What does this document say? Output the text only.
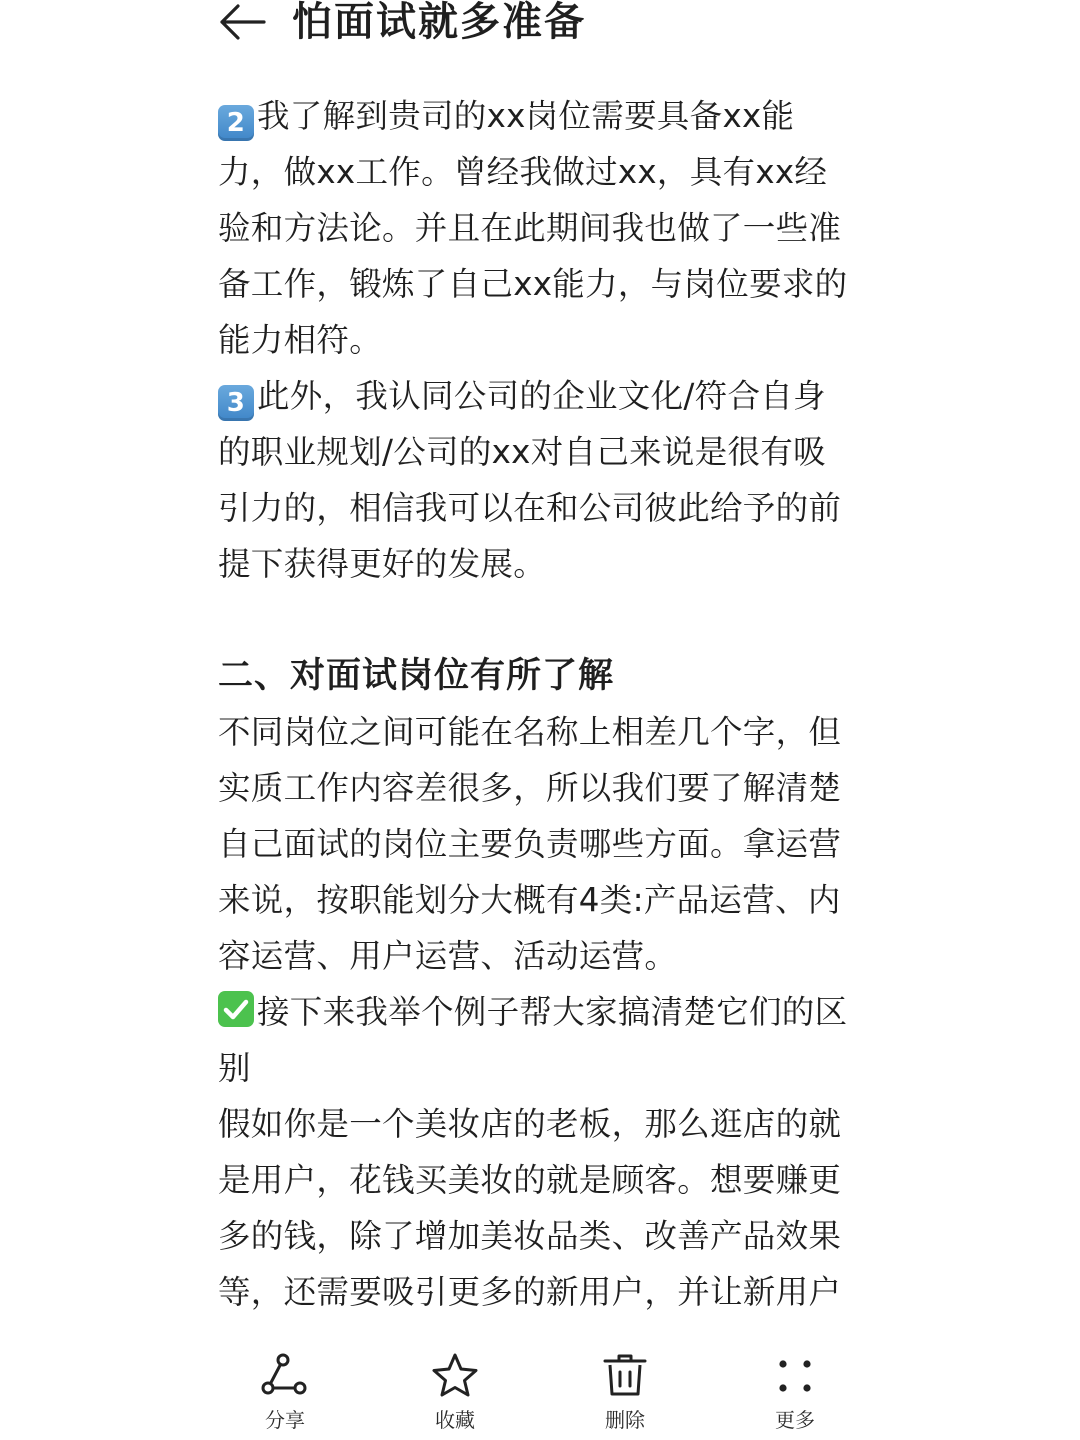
怕面试就多准备

2 我了解到贵司的xx岗位需要具备xx能力，做xx工作。曾经我做过xx，具有xx经验和方法论。并且在此期间我也做了一些准备工作，锻炼了自己xx能力，与岗位要求的能力相符。

3 此外，我认同公司的企业文化/符合自身的职业规划/公司的xx对自己来说是很有吸引力的，相信我可以在和公司彼此给予的前提下获得更好的发展。

二、对面试岗位有所了解

不同岗位之间可能在名称上相差几个字，但实质工作内容差很多，所以我们要了解清楚自己面试的岗位主要负责哪些方面。拿运营来说，按职能划分大概有4类:产品运营、内容运营、用户运营、活动运营。

接下来我举个例子帮大家搞清楚它们的区别

假如你是一个美妆店的老板，那么逛店的就是用户，花钱买美妆的就是顾客。想要赚更多的钱，除了增加美妆品类、改善产品效果等，还需要吸引更多的新用户，并让新用户

分享	收藏	删除	更多
